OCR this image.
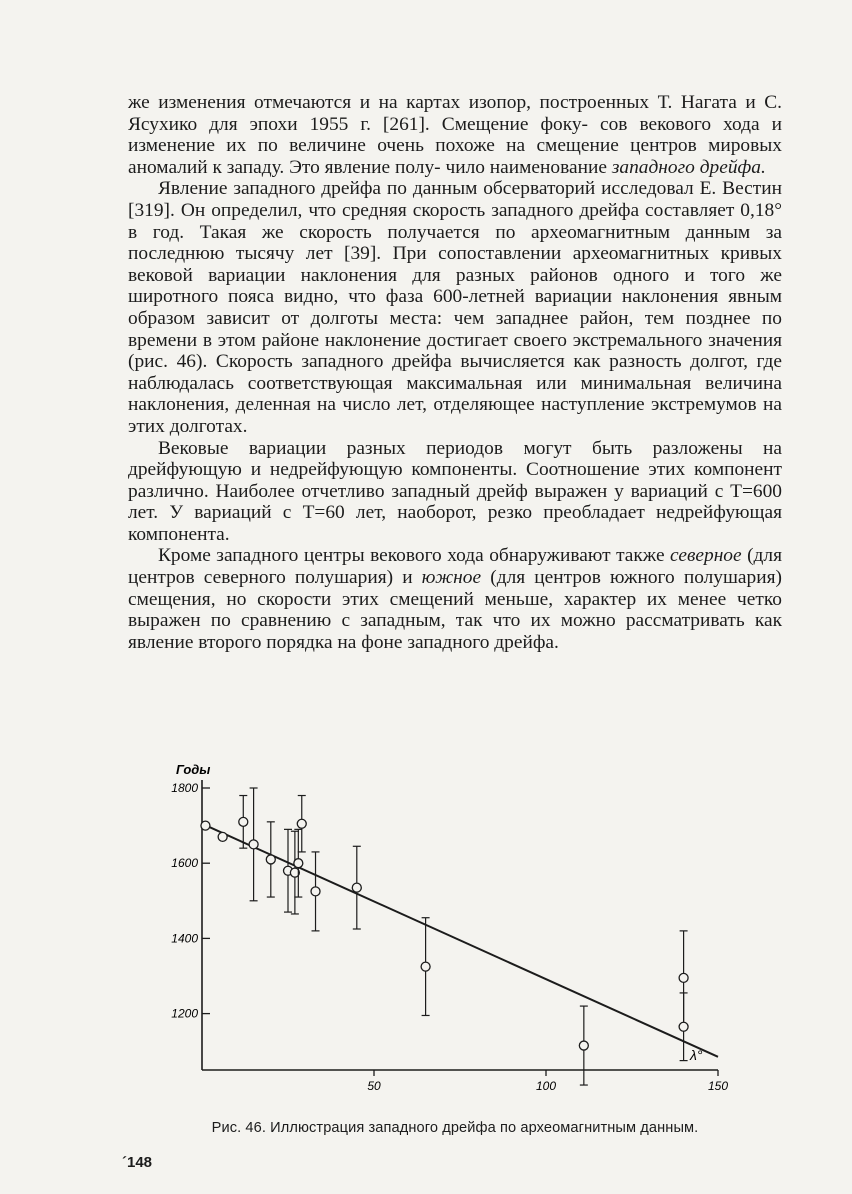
же изменения отмечаются и на картах изопор, построенных Т. Нагата и С. Ясухико для эпохи 1955 г. [261]. Смещение фоку- сов векового хода и изменение их по величине очень похоже на смещение центров мировых аномалий к западу. Это явление полу- чило наименование западного дрейфа.

Явление западного дрейфа по данным обсерваторий исследовал Е. Вестин [319]. Он определил, что средняя скорость западного дрейфа составляет 0,18° в год. Такая же скорость получается по археомагнитным данным за последнюю тысячу лет [39]. При сопоставлении археомагнитных кривых вековой вариации наклонения для разных районов одного и того же широтного пояса видно, что фаза 600-летней вариации наклонения явным образом зависит от долготы места: чем западнее район, тем позднее по времени в этом районе наклонение достигает своего экстремального значения (рис. 46). Скорость западного дрейфа вычисляется как разность долгот, где наблюдалась соответствующая максимальная или минимальная величина наклонения, деленная на число лет, отделяющее наступление экстремумов на этих долготах.

Вековые вариации разных периодов могут быть разложены на дрейфующую и недрейфующую компоненты. Соотношение этих компонент различно. Наиболее отчетливо западный дрейф выражен у вариаций с T=600 лет. У вариаций с T=60 лет, наоборот, резко преобладает недрейфующая компонента.

Кроме западного центры векового хода обнаруживают также северное (для центров северного полушария) и южное (для центров южного полушария) смещения, но скорости этих смещений меньше, характер их менее четко выражен по сравнению с западным, так что их можно рассматривать как явление второго порядка на фоне западного дрейфа.

1200
1400
1600
1800
50	100	150
Годы
λ°
Рис. 46. Иллюстрация западного дрейфа по археомагнитным данным.
´148
